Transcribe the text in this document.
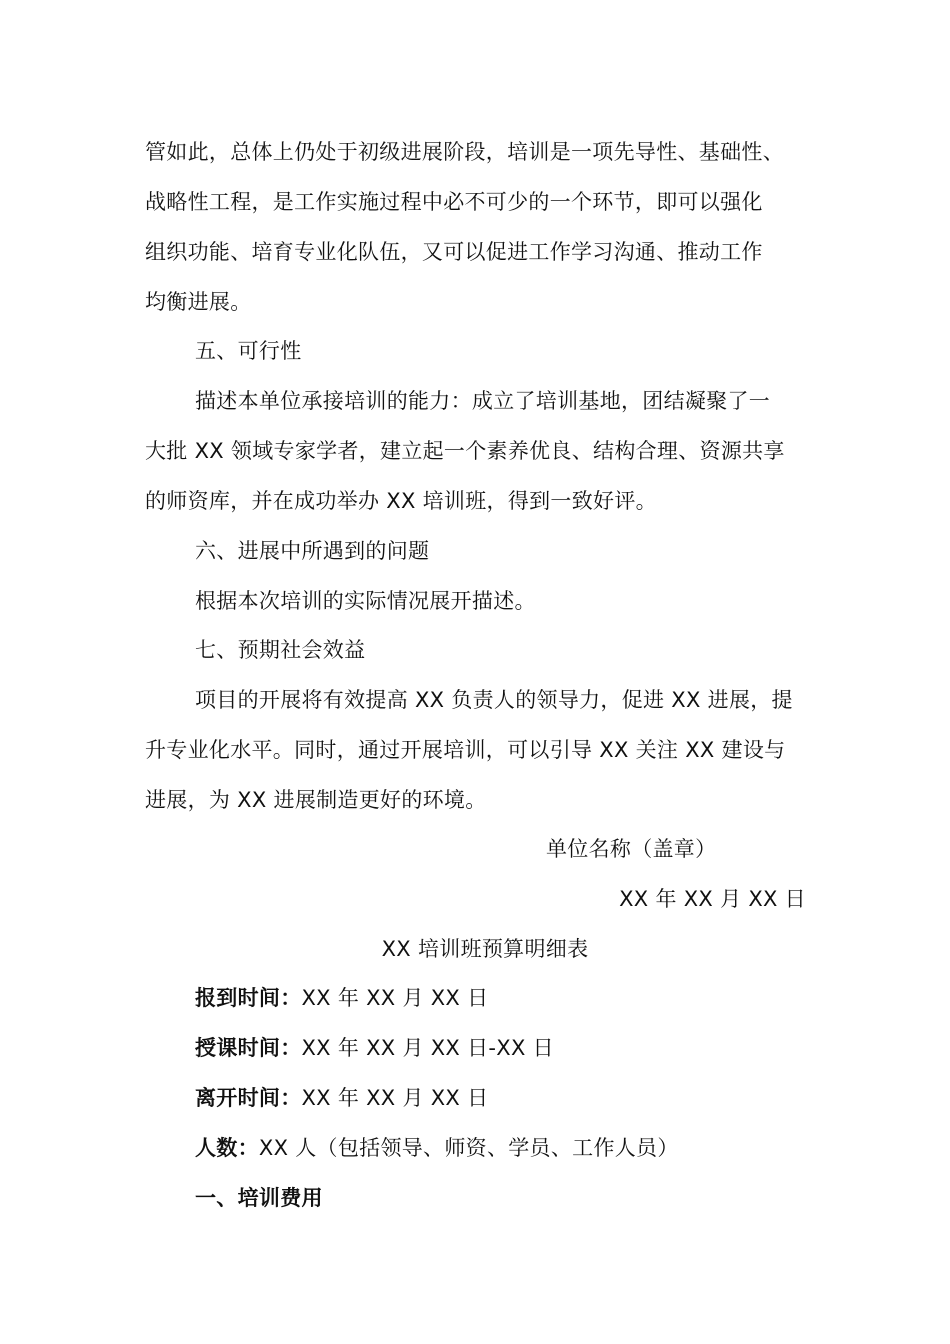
管如此，总体上仍处于初级进展阶段，培训是一项先导性、基础性、
战略性工程，是工作实施过程中必不可少的一个环节，即可以强化
组织功能、培育专业化队伍，又可以促进工作学习沟通、推动工作
均衡进展。
五、可行性
描述本单位承接培训的能力：成立了培训基地，团结凝聚了一
大批 XX 领域专家学者，建立起一个素养优良、结构合理、资源共享
的师资库，并在成功举办 XX 培训班，得到一致好评。
六、进展中所遇到的问题
根据本次培训的实际情况展开描述。
七、预期社会效益
项目的开展将有效提高 XX 负责人的领导力，促进 XX 进展，提
升专业化水平。同时，通过开展培训，可以引导 XX 关注 XX 建设与
进展，为 XX 进展制造更好的环境。
单位名称（盖章）
XX 年 XX 月 XX 日
XX 培训班预算明细表
报到时间：XX 年 XX 月 XX 日
授课时间：XX 年 XX 月 XX 日-XX 日
离开时间：XX 年 XX 月 XX 日
人数：XX 人（包括领导、师资、学员、工作人员）
一、培训费用
